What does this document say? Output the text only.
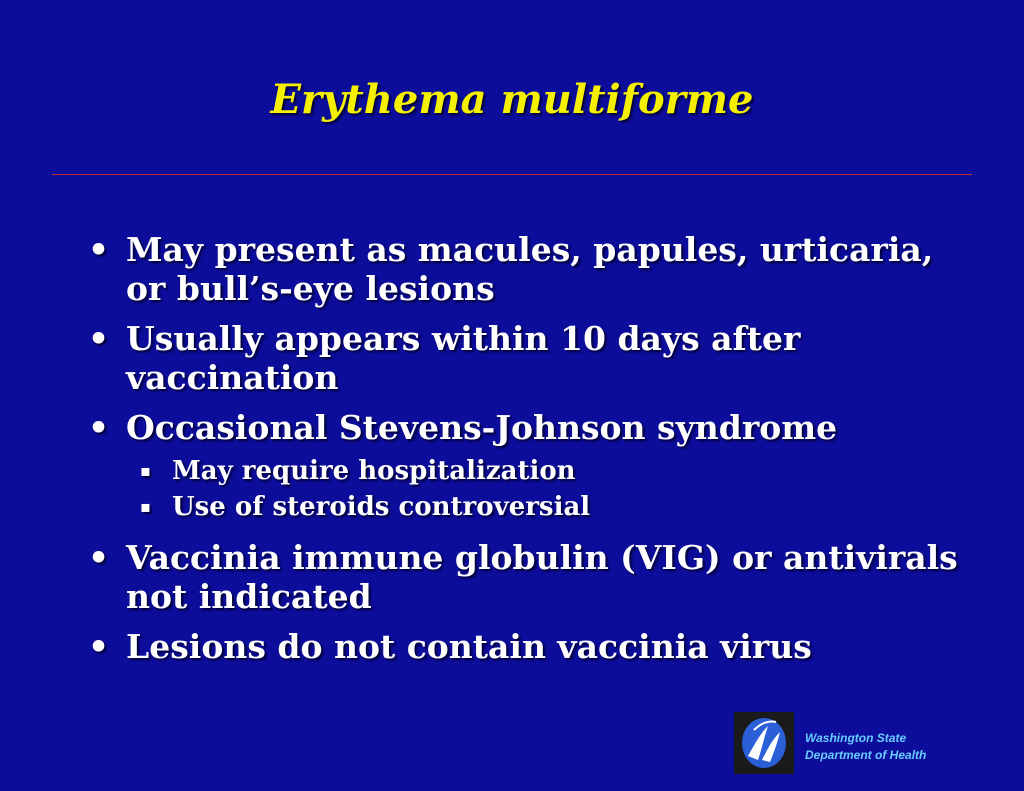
Erythema multiforme
• May present as macules, papules, urticaria, or bull’s-eye lesions
• Usually appears within 10 days after vaccination
• Occasional Stevens-Johnson syndrome
▪ May require hospitalization
▪ Use of steroids controversial
• Vaccinia immune globulin (VIG) or antivirals not indicated
• Lesions do not contain vaccinia virus
Washington State
Department of Health
